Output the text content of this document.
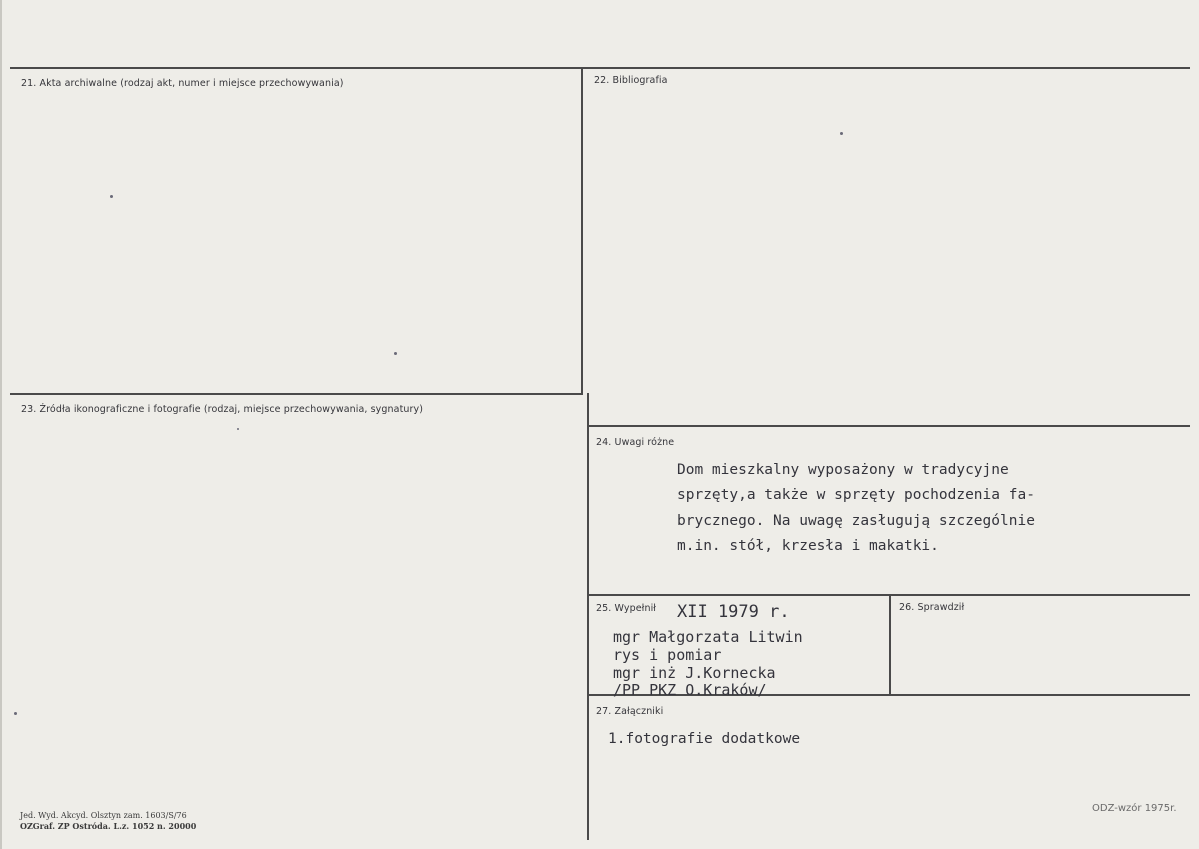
21. Akta archiwalne (rodzaj akt, numer i miejsce przechowywania)	22. Bibliografia
23. Źródła ikonograficzne i fotografie (rodzaj, miejsce przechowywania, sygnatury)
24. Uwagi różne
25. Wypełnił	26. Sprawdził
27. Załączniki
Dom mieszkalny wyposażony w tradycyjne
sprzęty,a także w sprzęty pochodzenia fa-
brycznego. Na uwagę zasługują szczególnie
m.in. stół, krzesła i makatki.
XII 1979 r.
mgr Małgorzata Litwin
rys i pomiar
mgr inż J.Kornecka
/PP PKZ O.Kraków/
1.fotografie dodatkowe
Jed. Wyd. Akcyd. Olsztyn zam. 1603/S/76
OZGraf. ZP Ostróda. L.z. 1052 n. 20000
ODZ-wzór 1975r.
